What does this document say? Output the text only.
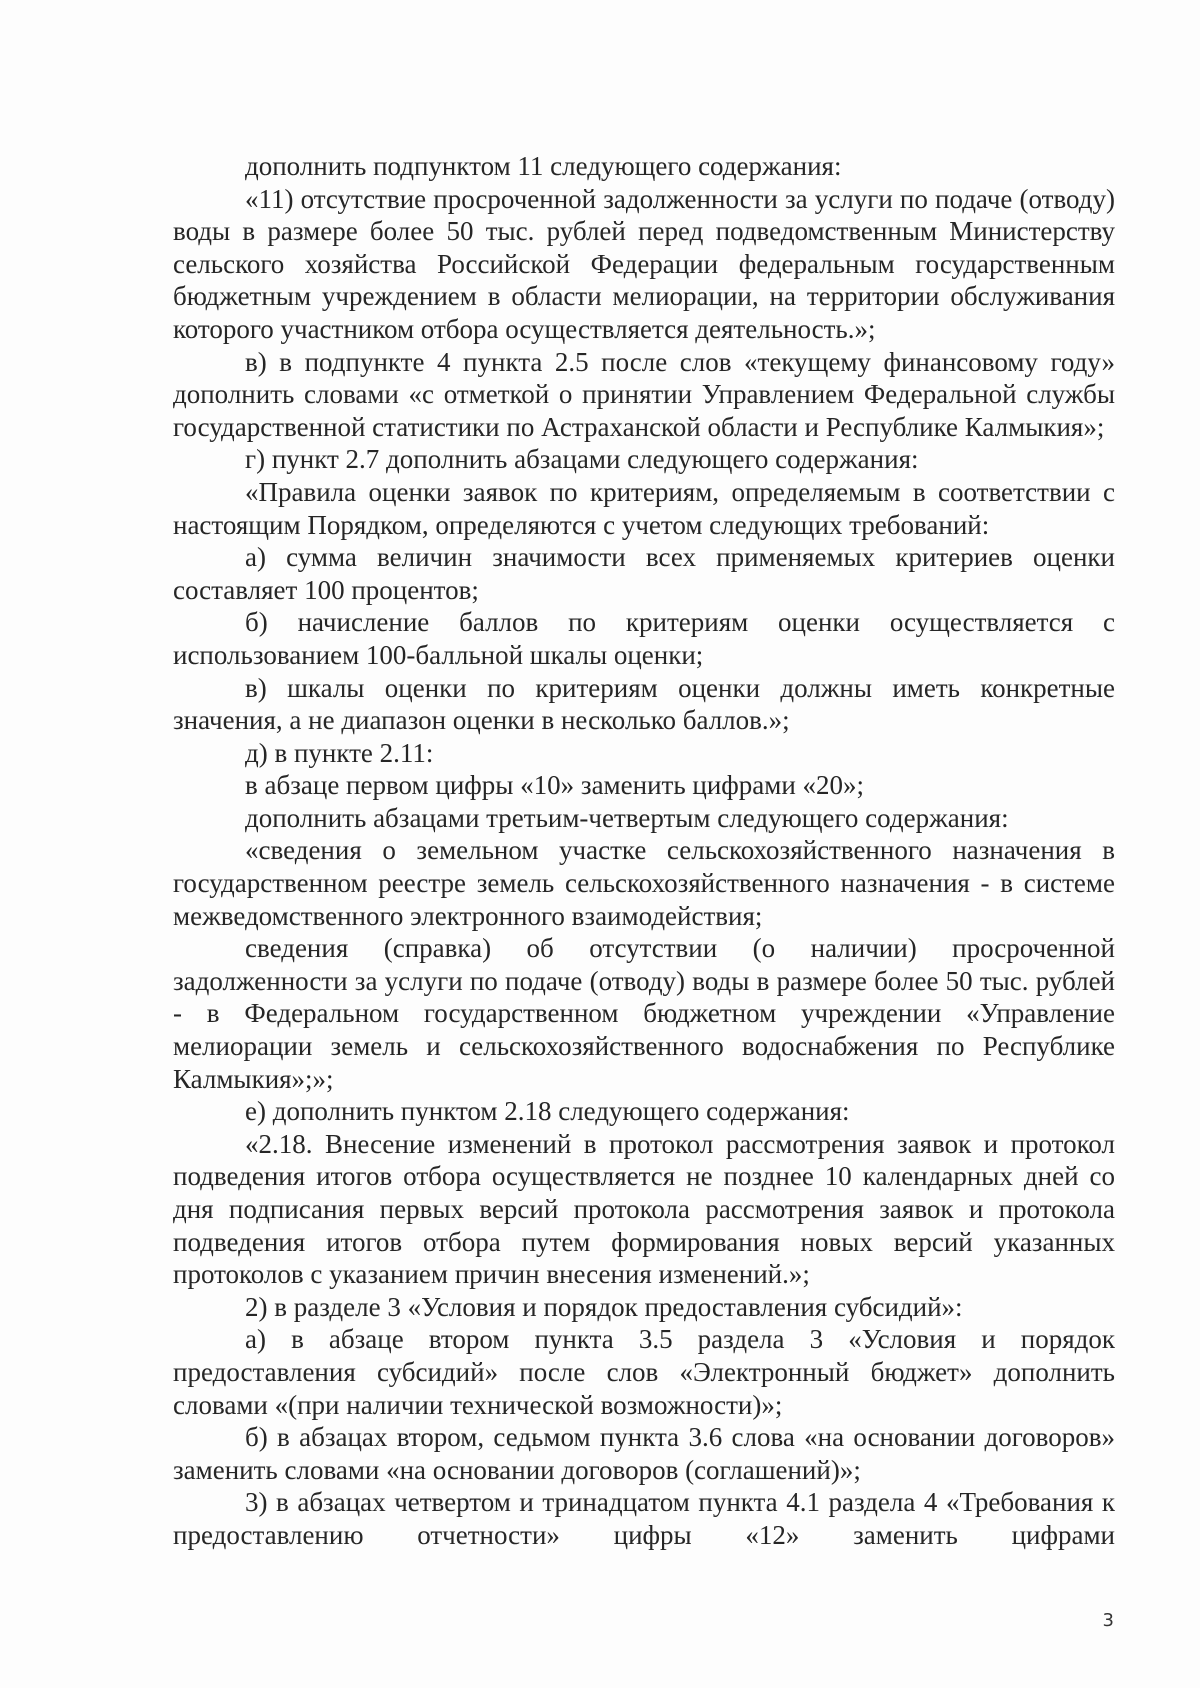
дополнить подпунктом 11 следующего содержания:

«11) отсутствие просроченной задолженности за услуги по подаче (отводу) воды в размере более 50 тыс. рублей перед подведомственным Министерству сельского хозяйства Российской Федерации федеральным государственным бюджетным учреждением в области мелиорации, на территории обслуживания которого участником отбора осуществляется деятельность.»;

в) в подпункте 4 пункта 2.5 после слов «текущему финансовому году» дополнить словами «с отметкой о принятии Управлением Федеральной службы государственной статистики по Астраханской области и Республике Калмыкия»;

г) пункт 2.7 дополнить абзацами следующего содержания:

«Правила оценки заявок по критериям, определяемым в соответствии с настоящим Порядком, определяются с учетом следующих требований:

а) сумма величин значимости всех применяемых критериев оценки составляет 100 процентов;

б) начисление баллов по критериям оценки осуществляется с использованием 100-балльной шкалы оценки;

в) шкалы оценки по критериям оценки должны иметь конкретные значения, а не диапазон оценки в несколько баллов.»;

д) в пункте 2.11:

в абзаце первом цифры «10» заменить цифрами «20»;

дополнить абзацами третьим-четвертым следующего содержания:

«сведения о земельном участке сельскохозяйственного назначения в государственном реестре земель сельскохозяйственного назначения - в системе межведомственного электронного взаимодействия;

сведения (справка) об отсутствии (о наличии) просроченной задолженности за услуги по подаче (отводу) воды в размере более 50 тыс. рублей - в Федеральном государственном бюджетном учреждении «Управление мелиорации земель и сельскохозяйственного водоснабжения по Республике Калмыкия»;»;

е) дополнить пунктом 2.18 следующего содержания:

«2.18. Внесение изменений в протокол рассмотрения заявок и протокол подведения итогов отбора осуществляется не позднее 10 календарных дней со дня подписания первых версий протокола рассмотрения заявок и протокола подведения итогов отбора путем формирования новых версий указанных протоколов с указанием причин внесения изменений.»;

2) в разделе 3 «Условия и порядок предоставления субсидий»:

а) в абзаце втором пункта 3.5 раздела 3 «Условия и порядок предоставления субсидий» после слов «Электронный бюджет» дополнить словами «(при наличии технической возможности)»;

б) в абзацах втором, седьмом пункта 3.6 слова «на основании договоров» заменить словами «на основании договоров (соглашений)»;

3) в абзацах четвертом и тринадцатом пункта 4.1 раздела 4 «Требования к предоставлению отчетности» цифры «12» заменить цифрами

3
